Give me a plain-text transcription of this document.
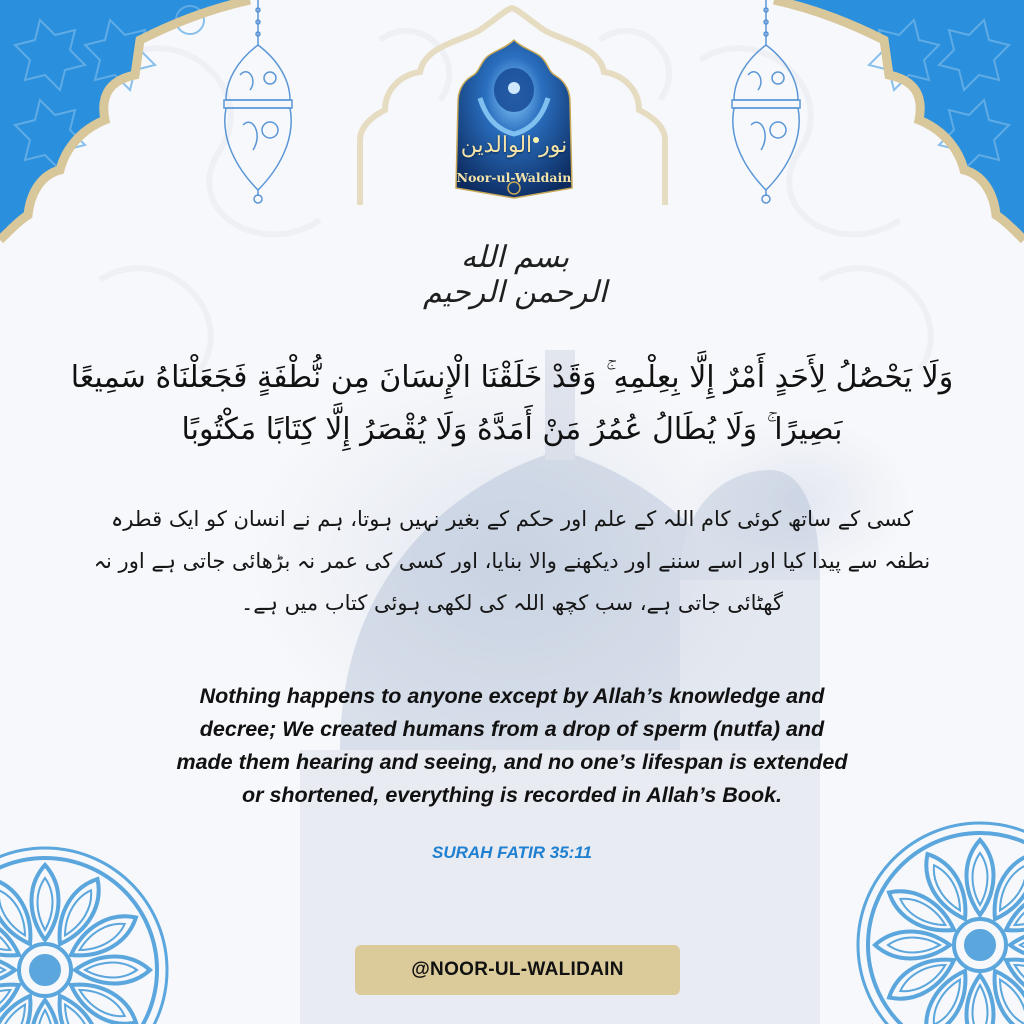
نور الوالدین
Noor-ul-Waldain
بسم الله الرحمن الرحيم
وَلَا يَحْصُلُ لِأَحَدٍ أَمْرٌ إِلَّا بِعِلْمِهِ ۚ وَقَدْ خَلَقْنَا الْإِنسَانَ مِن نُّطْفَةٍ فَجَعَلْنَاهُ سَمِيعًا بَصِيرًا ۚ وَلَا يُطَالُ عُمُرُ مَنْ أَمَدَّهُ وَلَا يُقْصَرُ إِلَّا كِتَابًا مَكْتُوبًا
کسی کے ساتھ کوئی کام اللہ کے علم اور حکم کے بغیر نہیں ہوتا، ہم نے انسان کو ایک قطرہ نطفہ سے پیدا کیا اور اسے سننے اور دیکھنے والا بنایا، اور کسی کی عمر نہ بڑھائی جاتی ہے اور نہ گھٹائی جاتی ہے، سب کچھ اللہ کی لکھی ہوئی کتاب میں ہے۔
Nothing happens to anyone except by Allah’s knowledge and
decree; We created humans from a drop of sperm (nutfa) and
made them hearing and seeing, and no one’s lifespan is extended
or shortened, everything is recorded in Allah’s Book.
SURAH FATIR 35:11
@NOOR-UL-WALIDAIN
